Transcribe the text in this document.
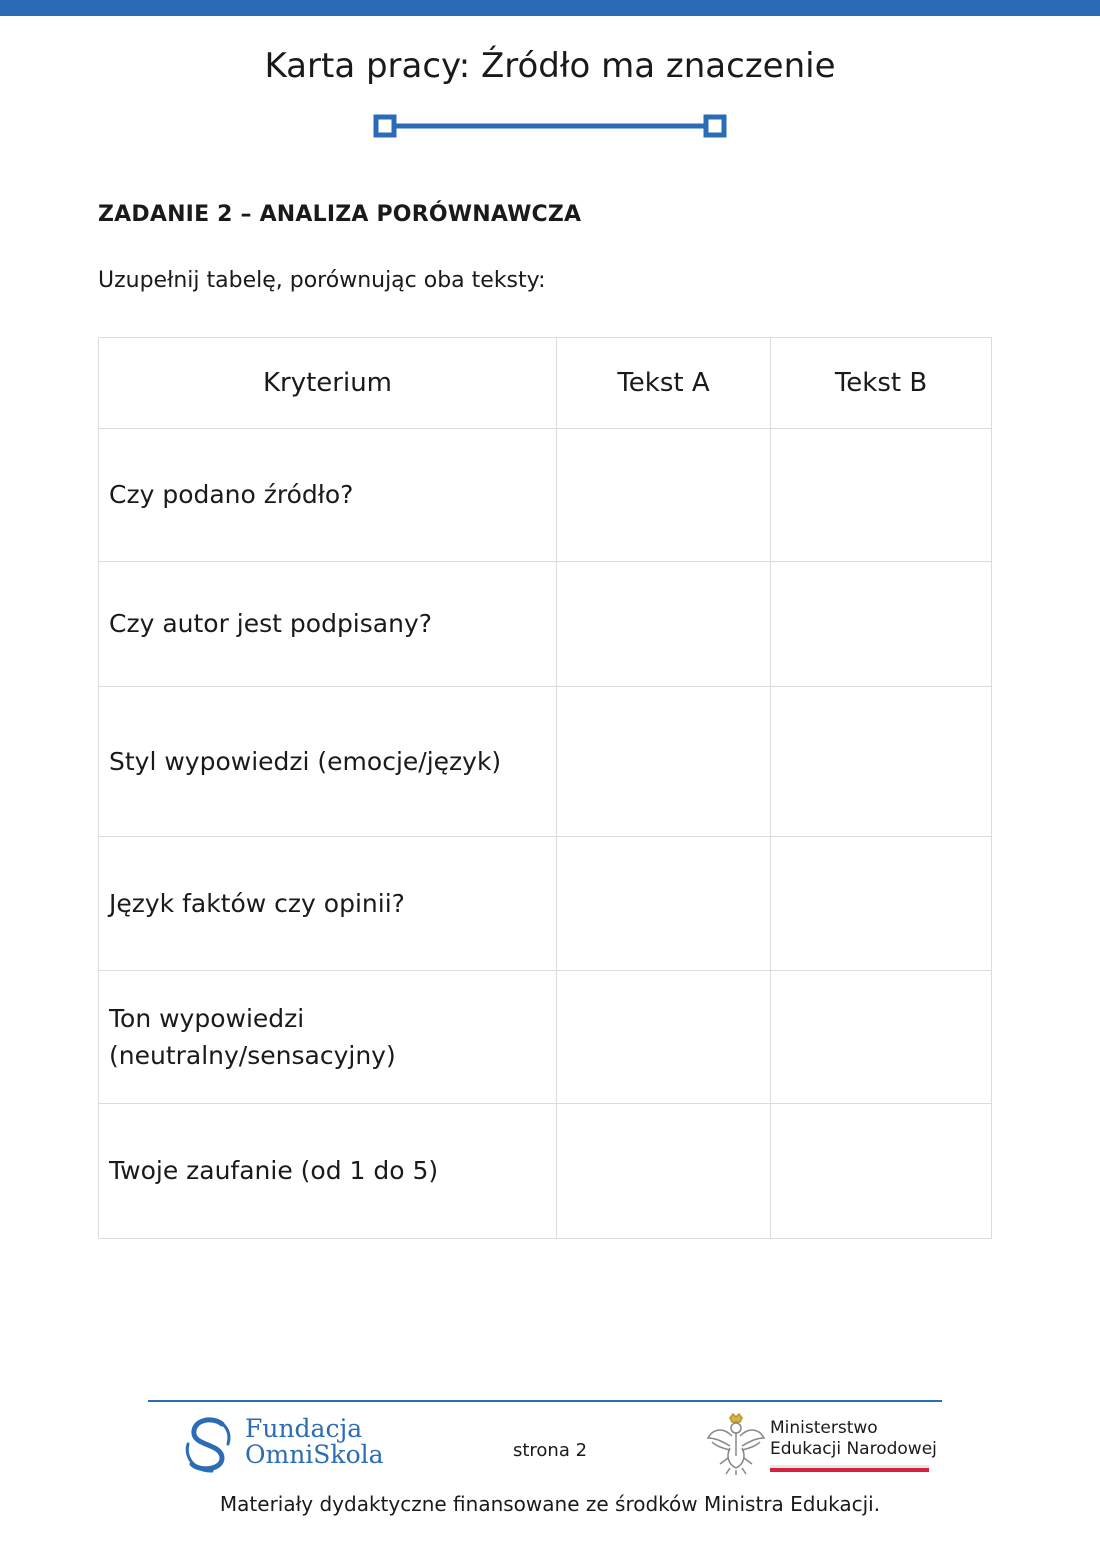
Karta pracy: Źródło ma znaczenie
ZADANIE 2 – ANALIZA PORÓWNAWCZA

Uzupełnij tabelę, porównując oba teksty:

Kryterium	Tekst A	Tekst B
Czy podano źródło?		
Czy autor jest podpisany?		
Styl wypowiedzi (emocje/język)		
Język faktów czy opinii?		
Ton wypowiedzi
(neutralny/sensacyjny)		
Twoje zaufanie (od 1 do 5)		
Fundacja
OmniSkola	strona 2
Ministerstwo
Edukacji Narodowej
Materiały dydaktyczne finansowane ze środków Ministra Edukacji.
